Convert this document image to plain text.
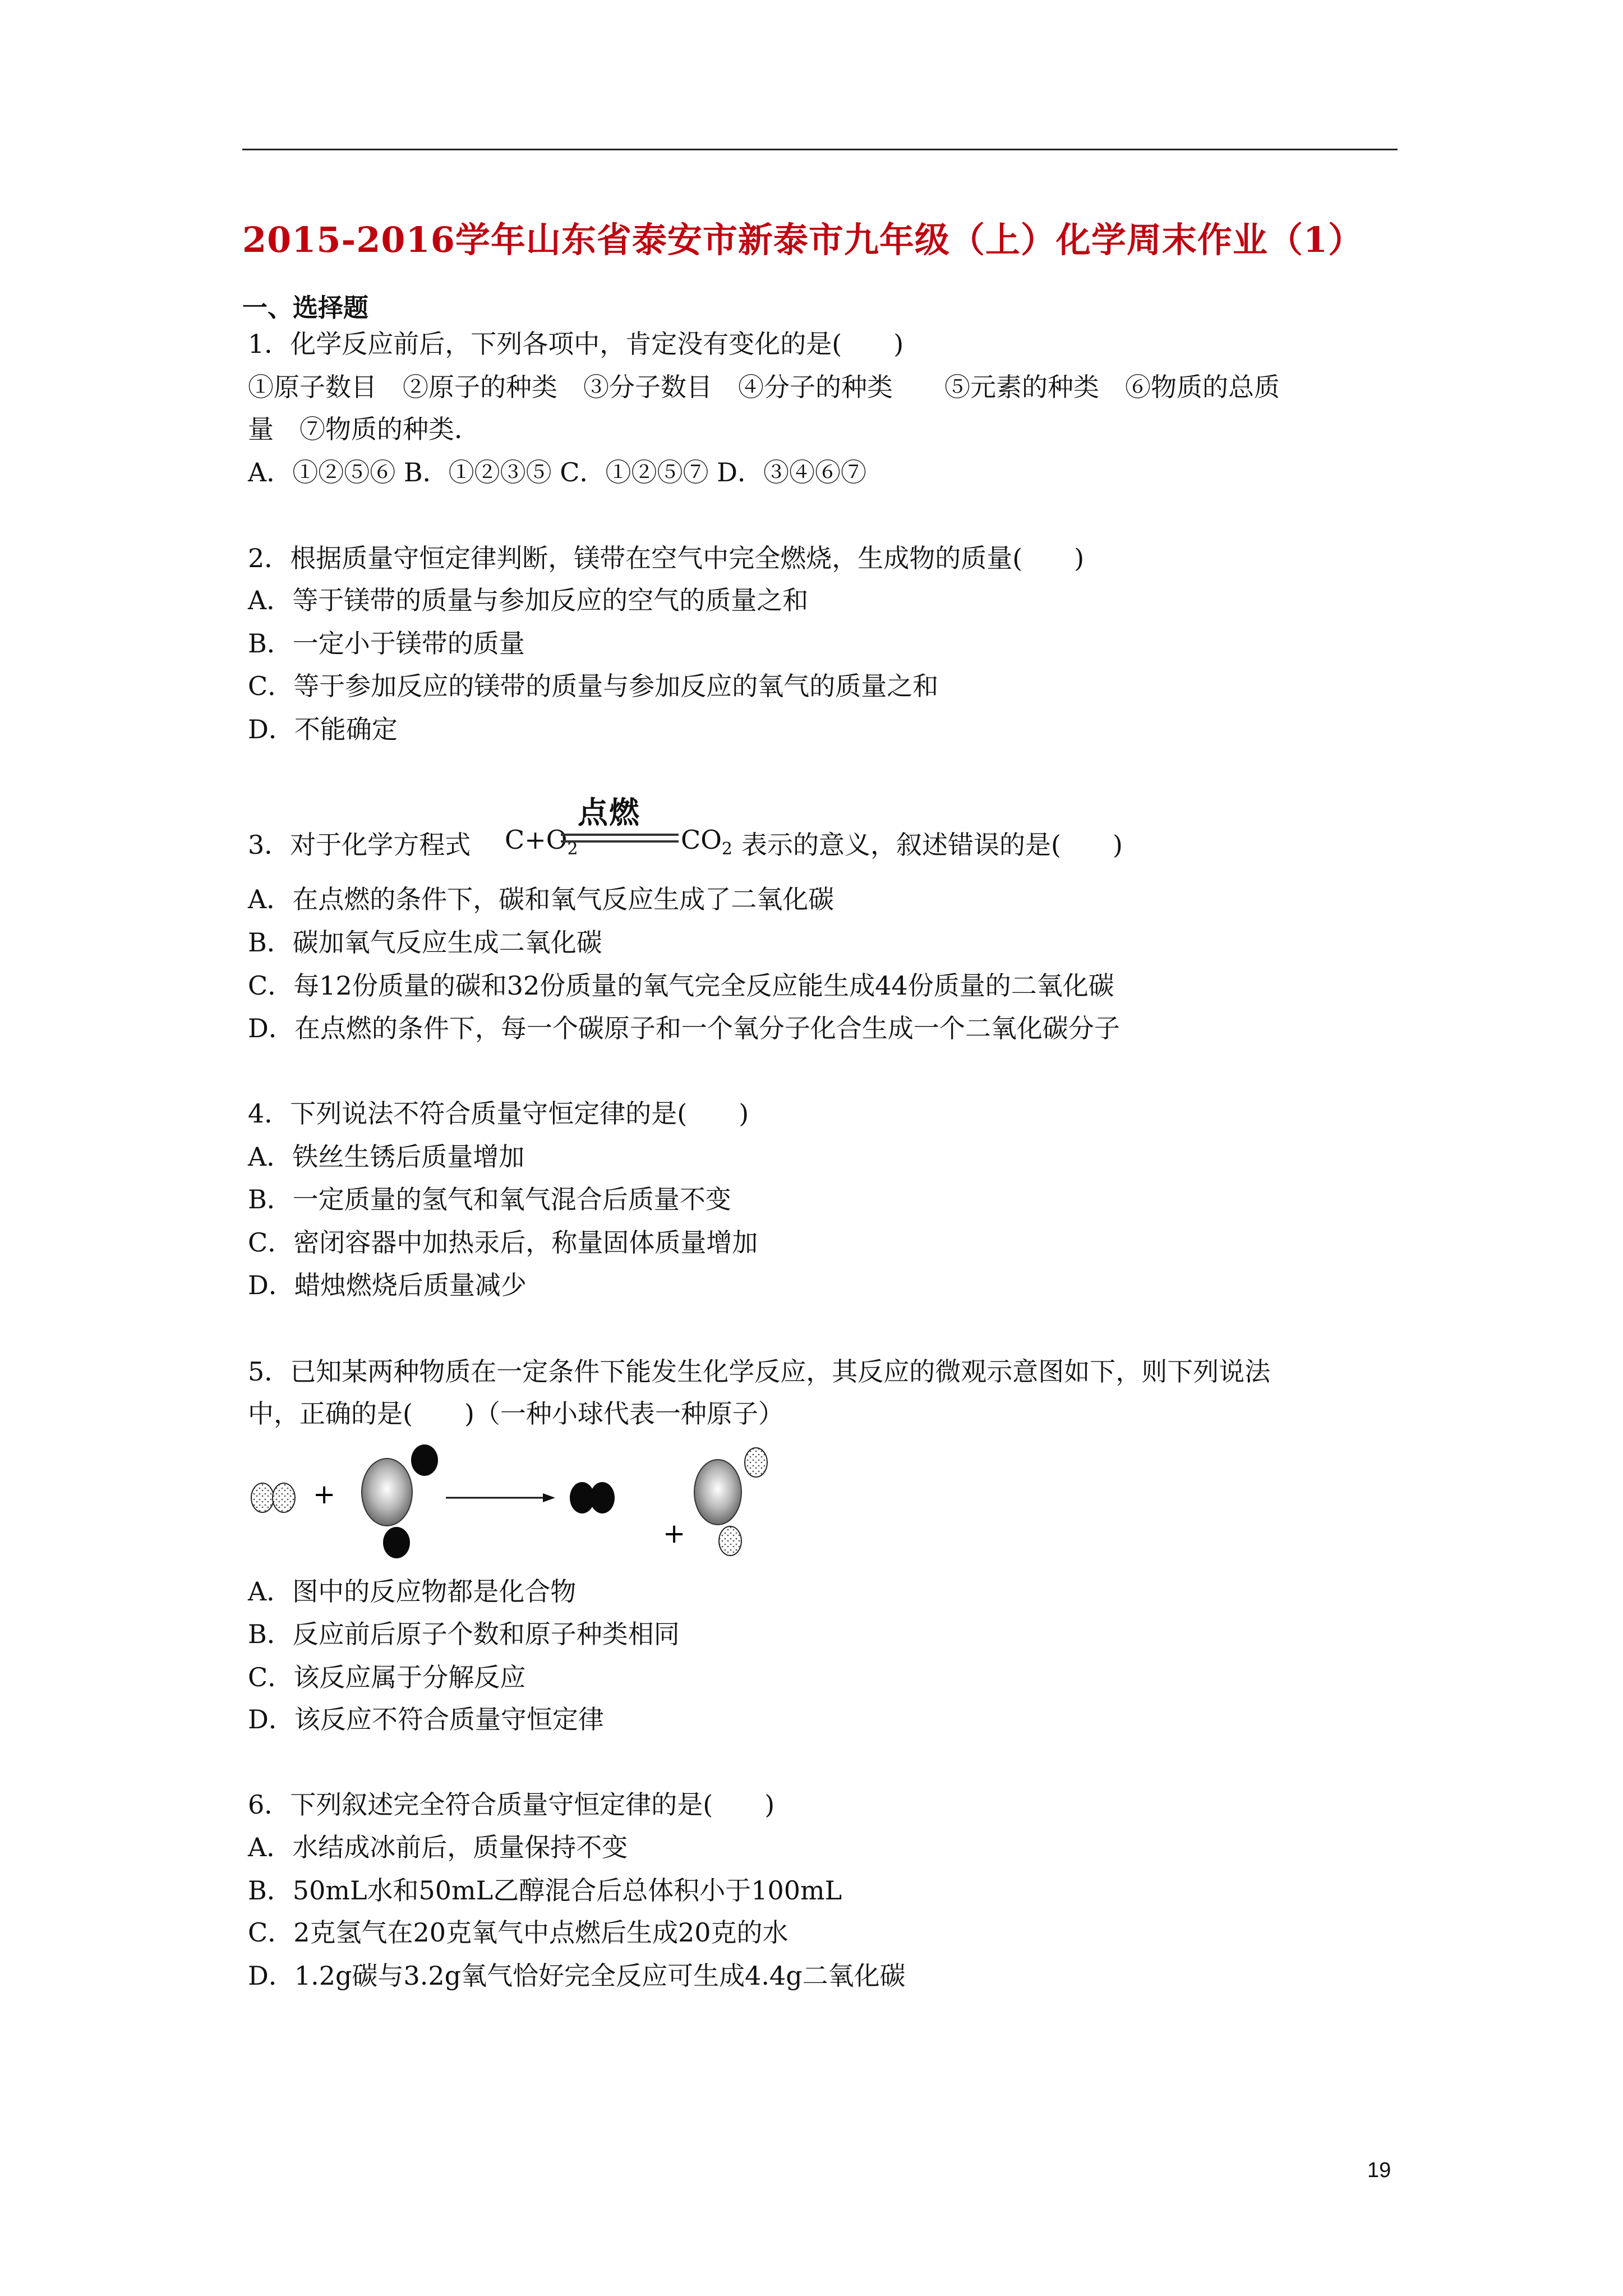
2015-2016学年山东省泰安市新泰市九年级（上）化学周末作业（1）
一、选择题
1．化学反应前后，下列各项中，肯定没有变化的是(　　)
①原子数目　②原子的种类　③分子数目　④分子的种类　　⑤元素的种类　⑥物质的总质
量　⑦物质的种类．
A．①②⑤⑥ B．①②③⑤ C．①②⑤⑦ D．③④⑥⑦
2．根据质量守恒定律判断，镁带在空气中完全燃烧，生成物的质量(　　)
A．等于镁带的质量与参加反应的空气的质量之和
B．一定小于镁带的质量
C．等于参加反应的镁带的质量与参加反应的氧气的质量之和
D．不能确定
3．对于化学方程式 $C+O_2$
点燃
$CO_2$ 表示的意义，叙述错误的是(　　)
A．在点燃的条件下，碳和氧气反应生成了二氧化碳
B．碳加氧气反应生成二氧化碳
C．每12份质量的碳和32份质量的氧气完全反应能生成44份质量的二氧化碳
D．在点燃的条件下，每一个碳原子和一个氧分子化合生成一个二氧化碳分子
4．下列说法不符合质量守恒定律的是(　　)
A．铁丝生锈后质量增加
B．一定质量的氢气和氧气混合后质量不变
C．密闭容器中加热汞后，称量固体质量增加
D．蜡烛燃烧后质量减少
5．已知某两种物质在一定条件下能发生化学反应，其反应的微观示意图如下，则下列说法
中，正确的是(　　)（一种小球代表一种原子）
+
+
A．图中的反应物都是化合物
B．反应前后原子个数和原子种类相同
C．该反应属于分解反应
D．该反应不符合质量守恒定律
6．下列叙述完全符合质量守恒定律的是(　　)
A．水结成冰前后，质量保持不变
B．50mL水和50mL乙醇混合后总体积小于100mL
C．2克氢气在20克氧气中点燃后生成20克的水
D．1.2g碳与3.2g氧气恰好完全反应可生成4.4g二氧化碳
19
